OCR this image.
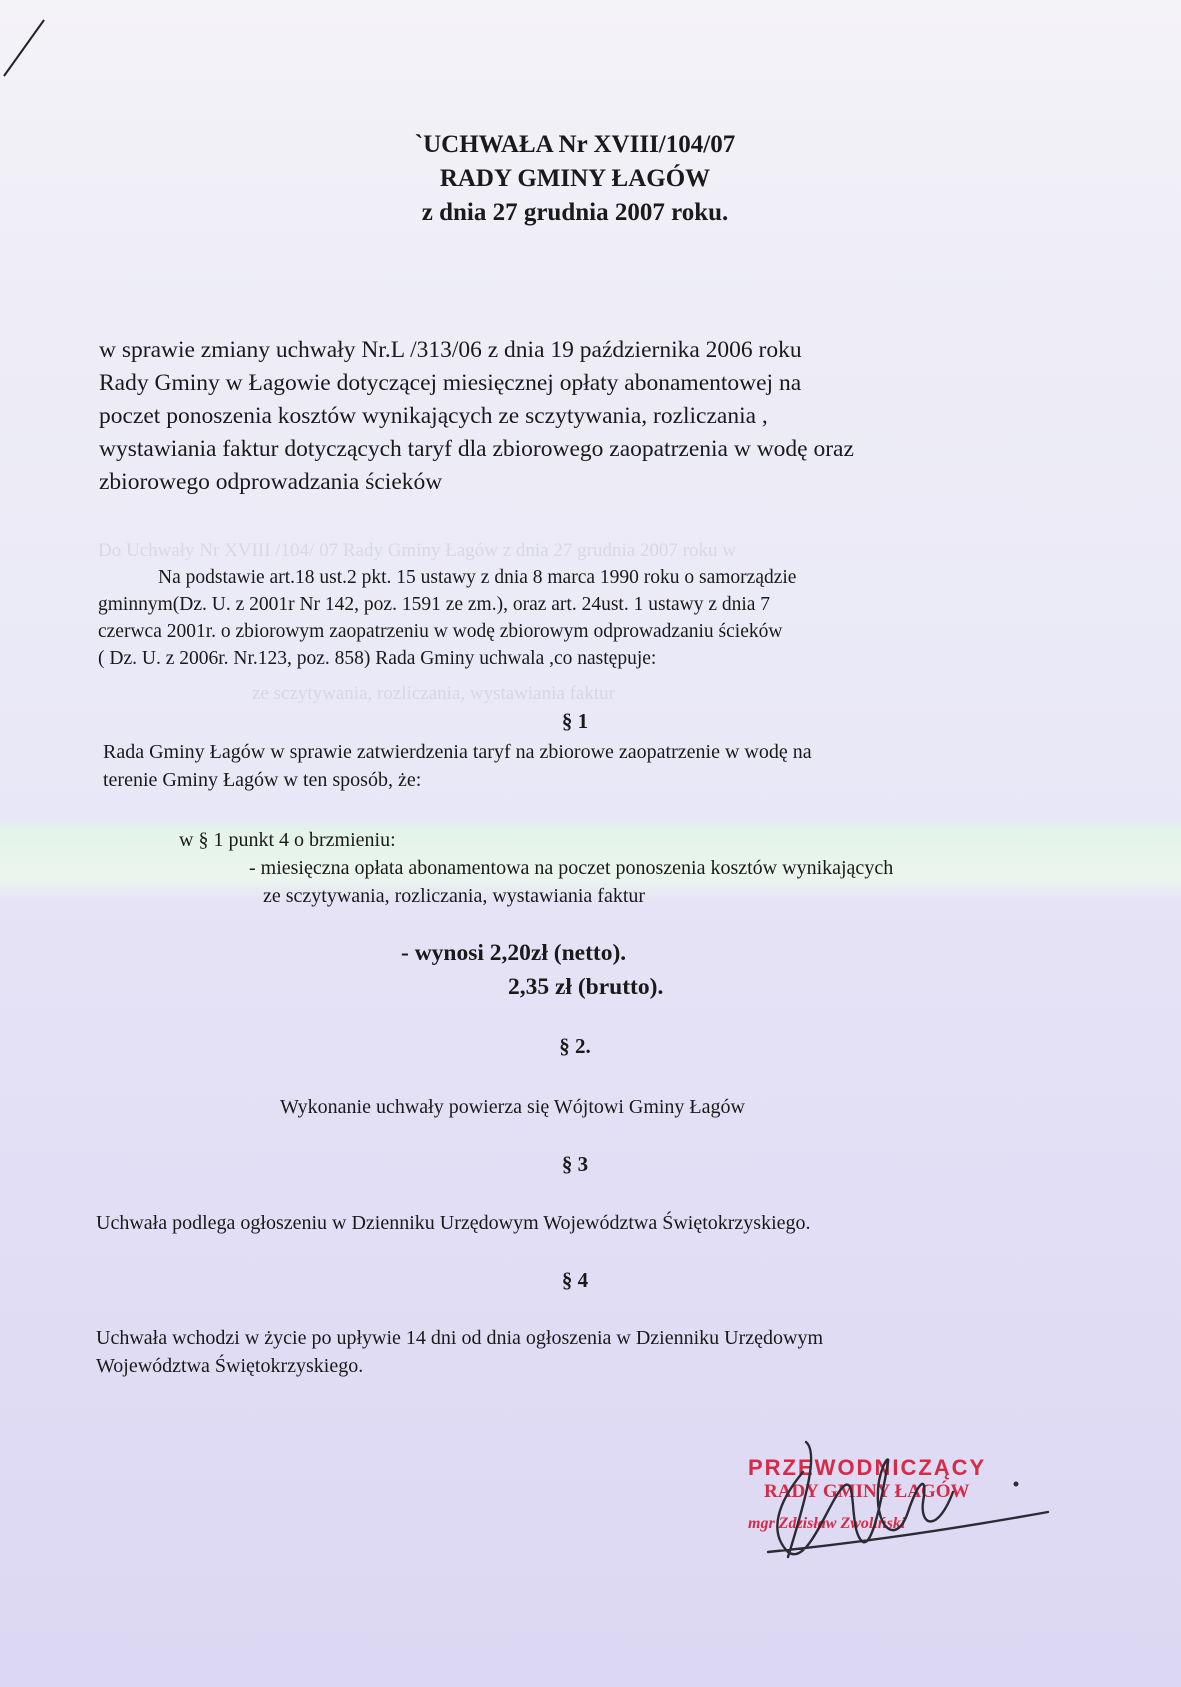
Do Uchwały Nr XVIII /104/ 07 Rady Gminy Łagów z dnia 27 grudnia 2007 roku w
ze sczytywania, rozliczania, wystawiania faktur
`UCHWAŁA Nr XVIII/104/07
RADY GMINY ŁAGÓW
z dnia 27 grudnia 2007 roku.
w sprawie zmiany uchwały Nr.L /313/06 z dnia 19 października 2006 roku
Rady Gminy w Łagowie dotyczącej miesięcznej opłaty abonamentowej na
poczet ponoszenia kosztów wynikających ze sczytywania, rozliczania ,
wystawiania faktur dotyczących taryf dla zbiorowego zaopatrzenia w wodę oraz
zbiorowego odprowadzania ścieków
Na podstawie art.18 ust.2 pkt. 15 ustawy z dnia 8 marca 1990 roku o samorządzie
gminnym(Dz. U. z 2001r Nr 142, poz. 1591 ze zm.), oraz art. 24ust. 1 ustawy z dnia 7
czerwca 2001r. o zbiorowym zaopatrzeniu w wodę zbiorowym odprowadzaniu ścieków
( Dz. U. z 2006r. Nr.123, poz. 858) Rada Gminy uchwala ,co następuje:
§ 1
Rada Gminy Łagów w sprawie zatwierdzenia taryf na zbiorowe zaopatrzenie w wodę na
terenie Gminy Łagów w ten sposób, że:
w § 1 punkt 4 o brzmieniu:
- miesięczna opłata abonamentowa na poczet ponoszenia kosztów wynikających
ze sczytywania, rozliczania, wystawiania faktur
- wynosi 2,20zł (netto).
2,35 zł (brutto).
§ 2.
Wykonanie uchwały powierza się Wójtowi Gminy Łagów
§ 3
Uchwała podlega ogłoszeniu w Dzienniku Urzędowym Województwa Świętokrzyskiego.
§ 4
Uchwała wchodzi w życie po upływie 14 dni od dnia ogłoszenia w Dzienniku Urzędowym
Województwa Świętokrzyskiego.
PRZEWODNICZĄCY
RADY GMINY ŁAGÓW
mgr Zdzisław Zwoliński
